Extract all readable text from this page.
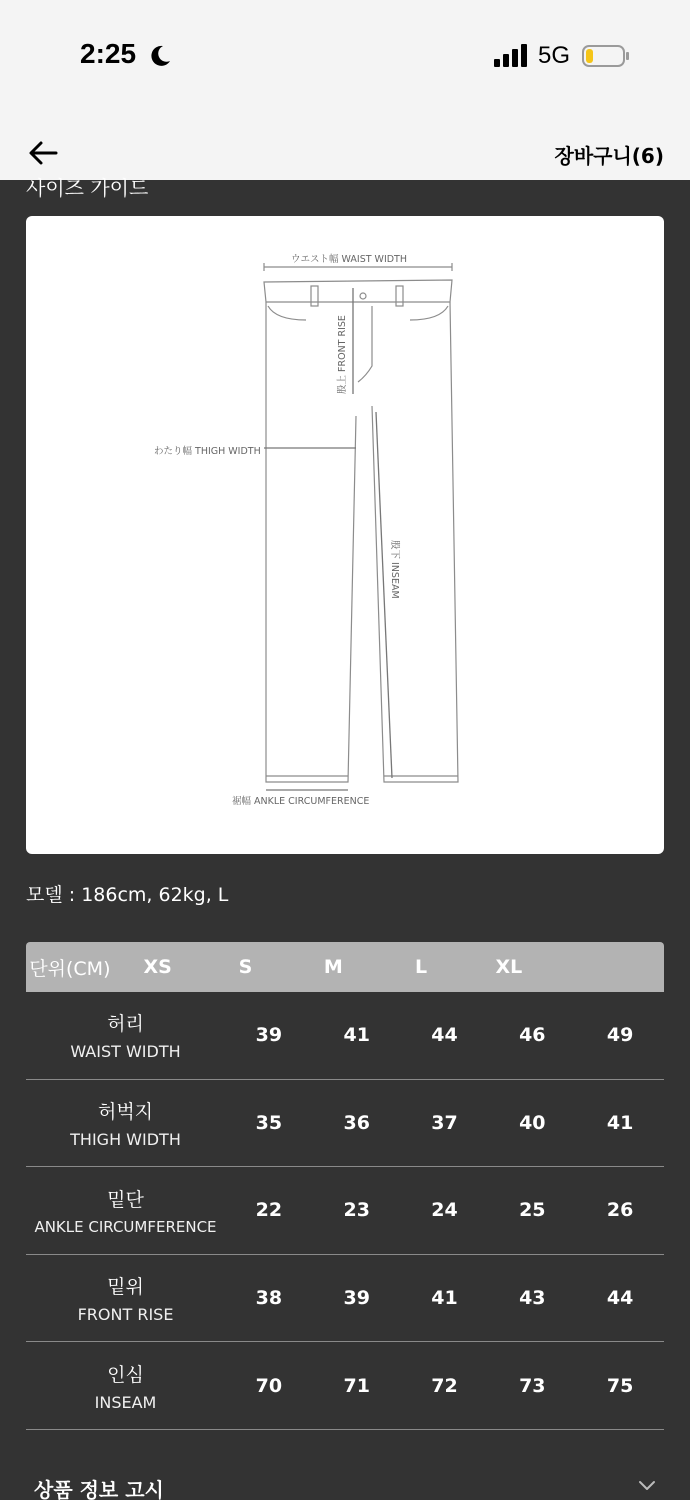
2:25	5G
장바구니(6)
사이즈 가이드
ウエスト幅 WAIST WIDTH
わたり幅 THIGH WIDTH
裾幅 ANKLE CIRCUMFERENCE
股上 FRONT RISE
股下 INSEAM
모델 : 186cm, 62kg, L
단위(CM)	XS	S	M	L	XL
허리
WAIST WIDTH
39	41	44	46	49
허벅지
THIGH WIDTH
35	36	37	40	41
밑단
ANKLE CIRCUMFERENCE
22	23	24	25	26
밑위
FRONT RISE
38	39	41	43	44
인심
INSEAM
70	71	72	73	75
상품 정보 고시
